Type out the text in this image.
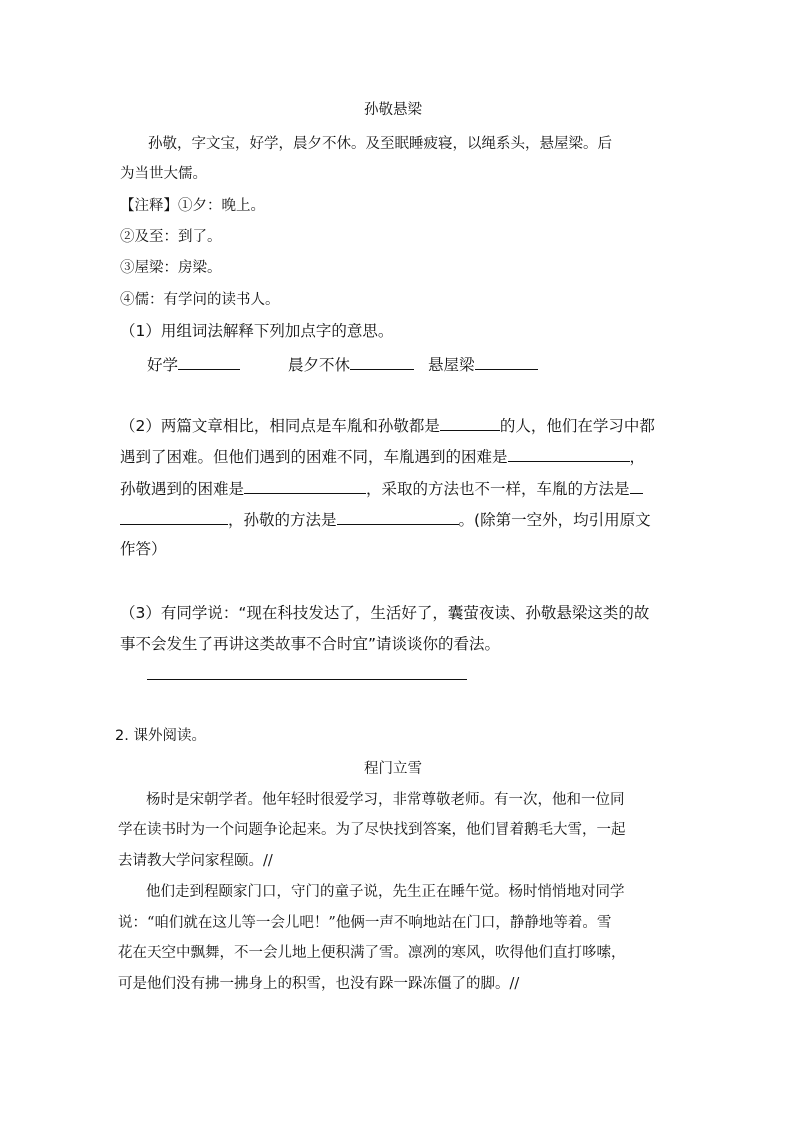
孙敬悬梁
孙敬，字文宝，好学，晨夕不休。及至眠睡疲寝，以绳系头，悬屋梁。后
为当世大儒。
【注释】①夕：晚上。
②及至：到了。
③屋梁：房梁。
④儒：有学问的读书人。
（1）用组词法解释下列加点字的意思。
好学	晨夕不休	悬屋梁
（2）两篇文章相比，相同点是车胤和孙敬都是	的人，他们在学习中都
遇到了困难。但他们遇到的困难不同，车胤遇到的困难是	，
孙敬遇到的困难是	，采取的方法也不一样，车胤的方法是
，孙敬的方法是	。(除第一空外，均引用原文
作答）
（3）有同学说：“现在科技发达了，生活好了，囊萤夜读、孙敬悬梁这类的故
事不会发生了再讲这类故事不合时宜”请谈谈你的看法。
2. 课外阅读。
程门立雪
杨时是宋朝学者。他年轻时很爱学习，非常尊敬老师。有一次，他和一位同
学在读书时为一个问题争论起来。为了尽快找到答案，他们冒着鹅毛大雪，一起
去请教大学问家程颐。//
他们走到程颐家门口，守门的童子说，先生正在睡午觉。杨时悄悄地对同学
说：“咱们就在这儿等一会儿吧！”他俩一声不响地站在门口，静静地等着。雪
花在天空中飘舞，不一会儿地上便积满了雪。凛冽的寒风，吹得他们直打哆嗦，
可是他们没有拂一拂身上的积雪，也没有跺一跺冻僵了的脚。//
